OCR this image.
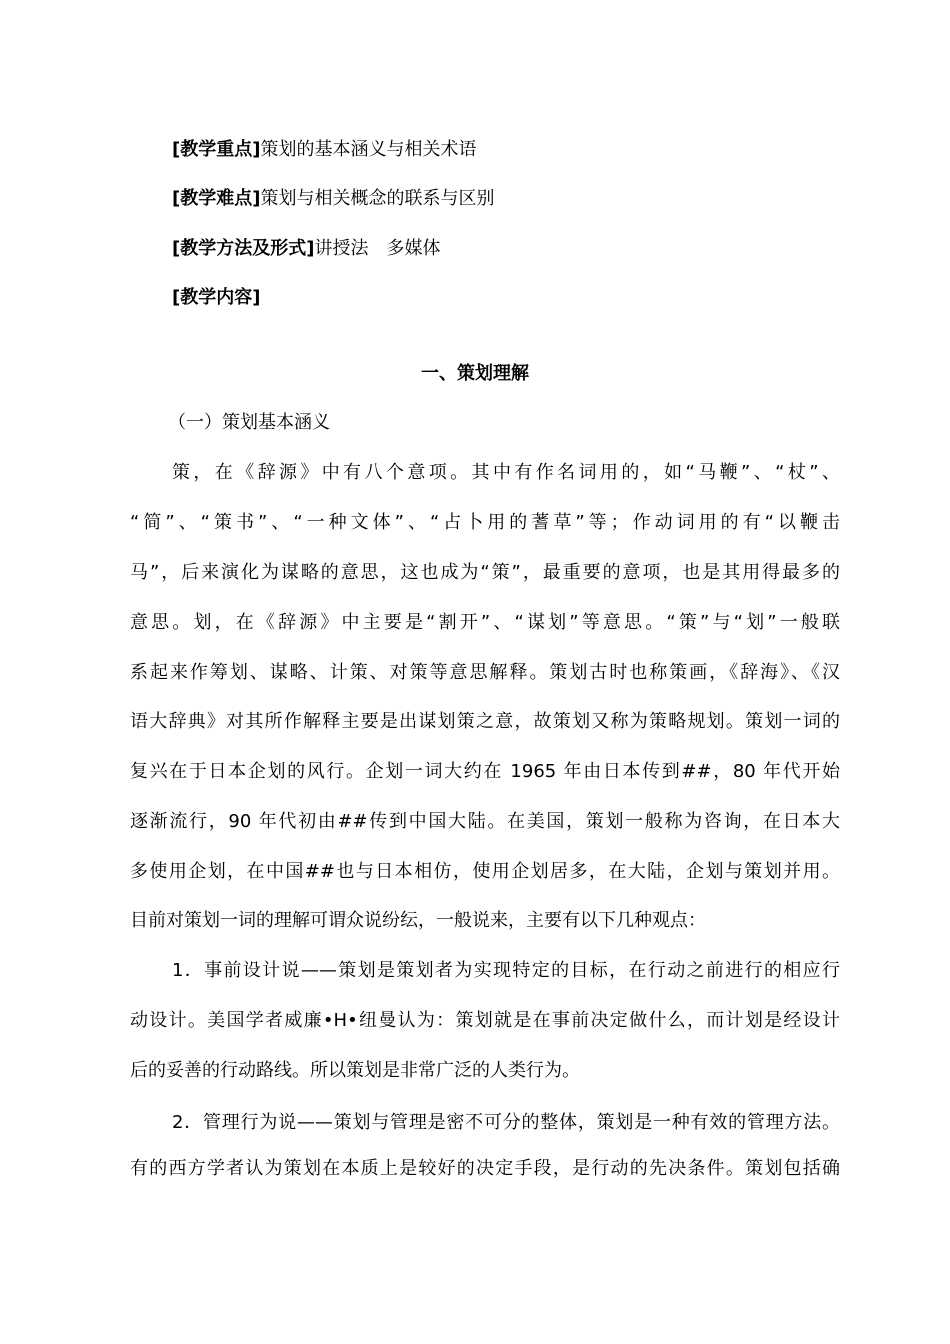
[教学重点]策划的基本涵义与相关术语
[教学难点]策划与相关概念的联系与区别
[教学方法及形式]讲授法　多媒体
[教学内容]
一、策划理解
（一）策划基本涵义
策，在《辞源》中有八个意项。其中有作名词用的，如“马鞭”、“杖”、
“简”、“策书”、“一种文体”、“占卜用的蓍草”等；作动词用的有“以鞭击
马”，后来演化为谋略的意思，这也成为“策”，最重要的意项，也是其用得最多的
意思。划，在《辞源》中主要是“割开”、“谋划”等意思。“策”与“划”一般联
系起来作筹划、谋略、计策、对策等意思解释。策划古时也称策画，《辞海》、《汉
语大辞典》对其所作解释主要是出谋划策之意，故策划又称为策略规划。策划一词的
复兴在于日本企划的风行。企划一词大约在 1965 年由日本传到##，80 年代开始
逐渐流行，90 年代初由##传到中国大陆。在美国，策划一般称为咨询，在日本大
多使用企划，在中国##也与日本相仿，使用企划居多，在大陆，企划与策划并用。
目前对策划一词的理解可谓众说纷纭，一般说来，主要有以下几种观点：
1．事前设计说——策划是策划者为实现特定的目标，在行动之前进行的相应行
动设计。美国学者威廉•H•纽曼认为：策划就是在事前决定做什么，而计划是经设计
后的妥善的行动路线。所以策划是非常广泛的人类行为。
2．管理行为说——策划与管理是密不可分的整体，策划是一种有效的管理方法。
有的西方学者认为策划在本质上是较好的决定手段，是行动的先决条件。策划包括确
